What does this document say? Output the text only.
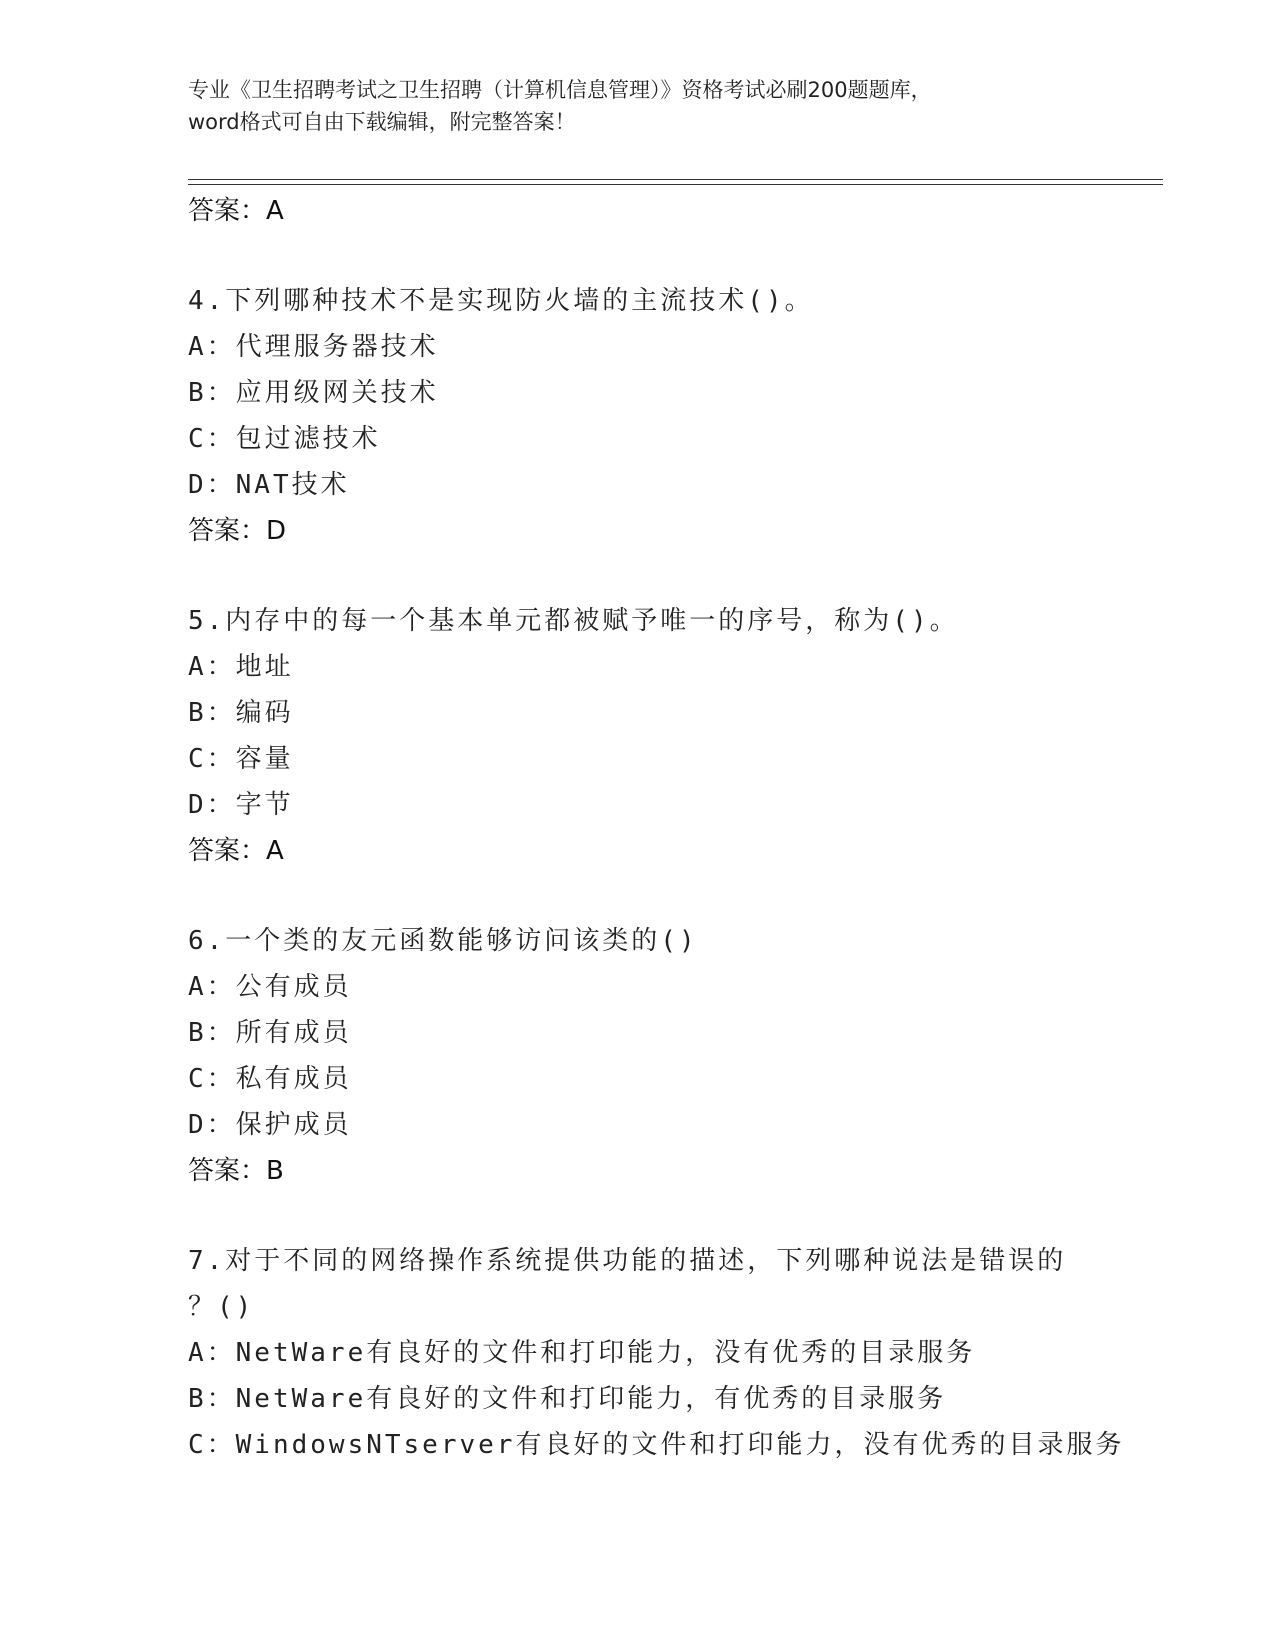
专业《卫生招聘考试之卫生招聘（计算机信息管理）》资格考试必刷200题题库，
word格式可自由下载编辑，附完整答案！
答案：A
4.下列哪种技术不是实现防火墙的主流技术()。
A：代理服务器技术
B：应用级网关技术
C：包过滤技术
D：NAT技术
答案：D
5.内存中的每一个基本单元都被赋予唯一的序号，称为()。
A：地址
B：编码
C：容量
D：字节
答案：A
6.一个类的友元函数能够访问该类的()
A：公有成员
B：所有成员
C：私有成员
D：保护成员
答案：B
7.对于不同的网络操作系统提供功能的描述，下列哪种说法是错误的
？()
A：NetWare有良好的文件和打印能力，没有优秀的目录服务
B：NetWare有良好的文件和打印能力，有优秀的目录服务
C：WindowsNTserver有良好的文件和打印能力，没有优秀的目录服务
